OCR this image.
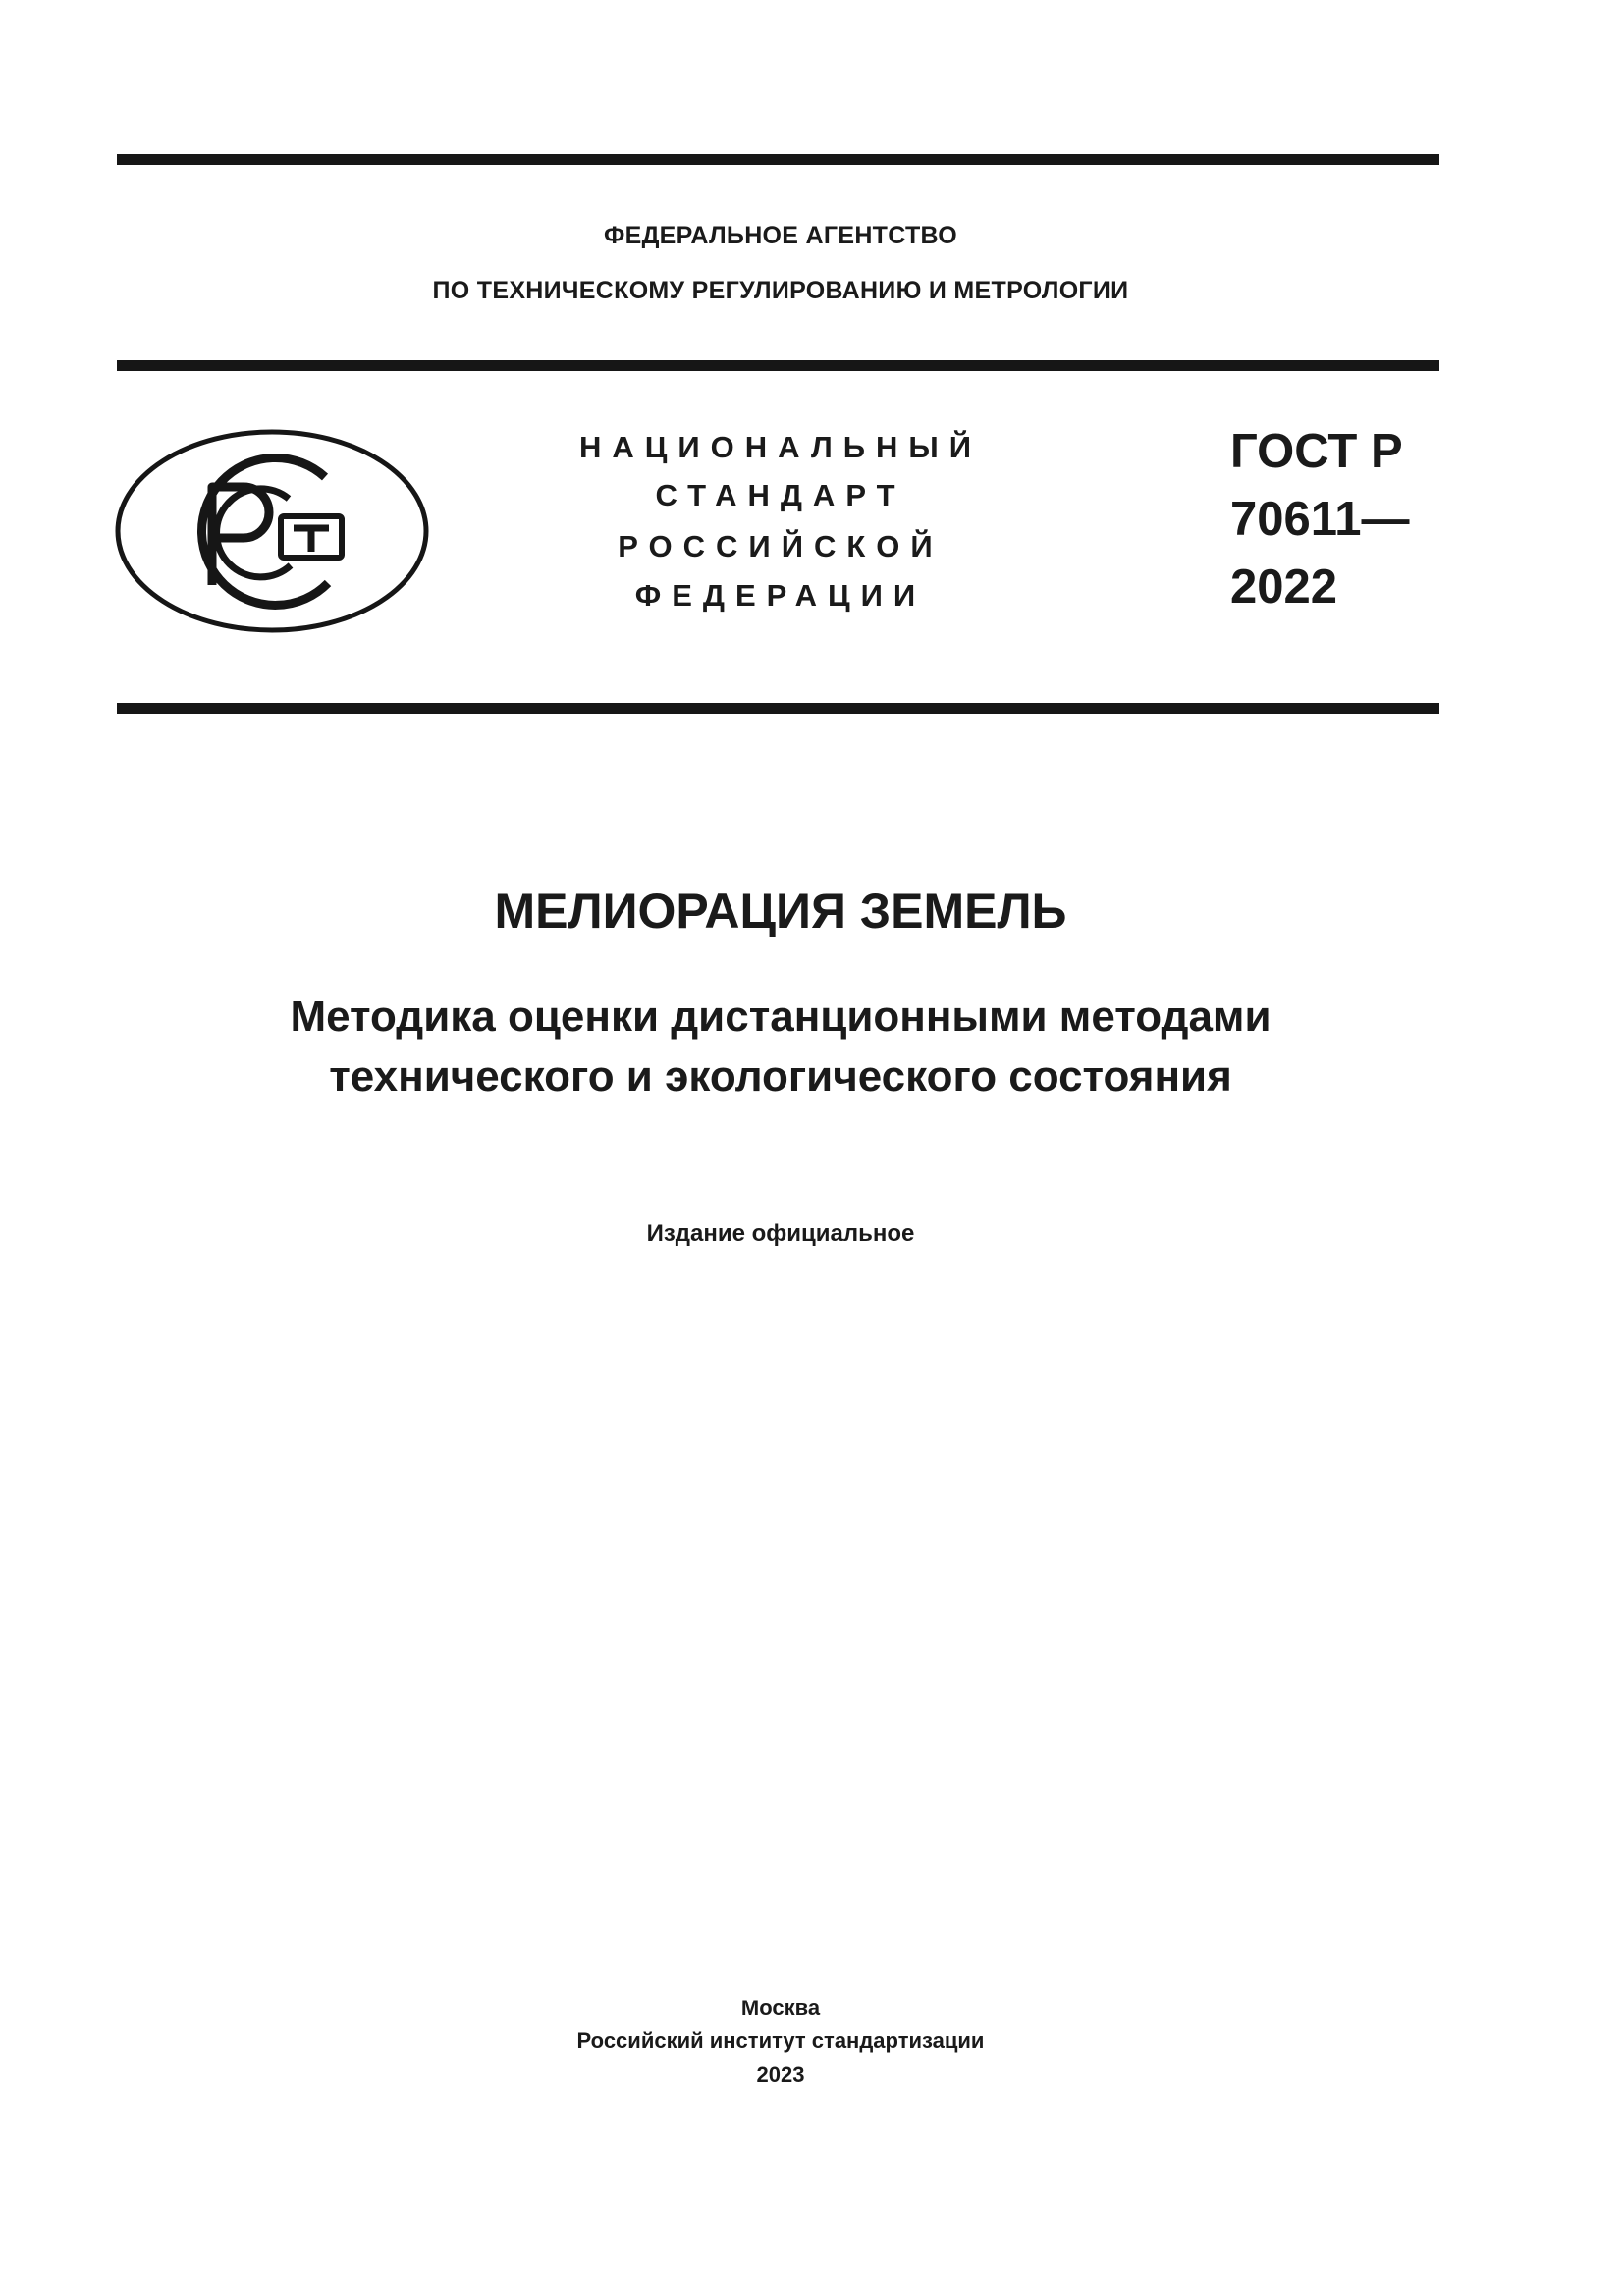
ФЕДЕРАЛЬНОЕ АГЕНТСТВО
ПО ТЕХНИЧЕСКОМУ РЕГУЛИРОВАНИЮ И МЕТРОЛОГИИ
НАЦИОНАЛЬНЫЙ
СТАНДАРТ
РОССИЙСКОЙ
ФЕДЕРАЦИИ
ГОСТ Р
70611—
2022
МЕЛИОРАЦИЯ ЗЕМЕЛЬ
Методика оценки дистанционными методами
технического и экологического состояния
Издание официальное
Москва
Российский институт стандартизации
2023
